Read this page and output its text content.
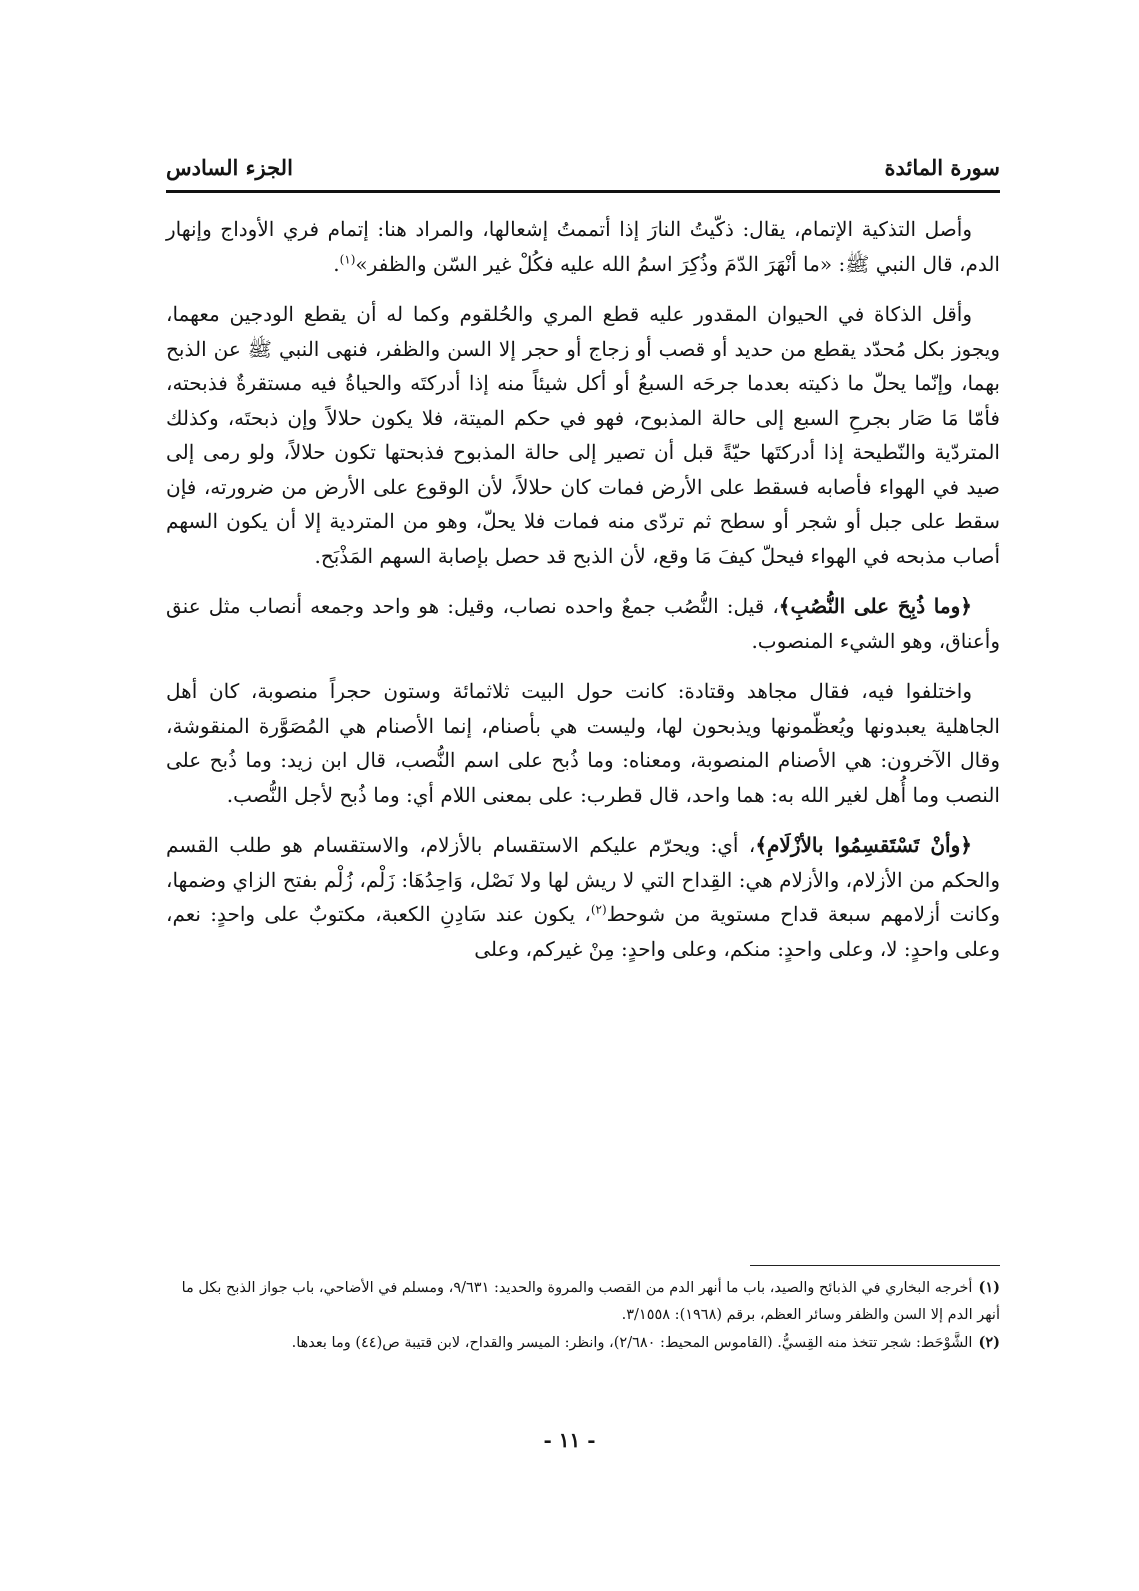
سورة المائدة
الجزء السادس

وأصل التذكية الإتمام، يقال: ذكّيتُ النارَ إذا أتممتُ إشعالها، والمراد هنا: إتمام فري الأوداج وإنهار الدم، قال النبي ﷺ: «ما أنْهَرَ الدّمَ وذُكِرَ اسمُ الله عليه فكُلْ غير السّن والظفر»$^{(١)}$.

وأقل الذكاة في الحيوان المقدور عليه قطع المري والحُلقوم وكما له أن يقطع الودجين معهما، ويجوز بكل مُحدّد يقطع من حديد أو قصب أو زجاج أو حجر إلا السن والظفر، فنهى النبي ﷺ عن الذبح بهما، وإنّما يحلّ ما ذكيته بعدما جرحَه السبعُ أو أكل شيئاً منه إذا أدركتَه والحياةُ فيه مستقرةٌ فذبحته، فأمّا مَا صَار بجرحِ السبع إلى حالة المذبوح، فهو في حكم الميتة، فلا يكون حلالاً وإن ذبحتَه، وكذلك المتردّية والنّطيحة إذا أدركتَها حيّةً قبل أن تصير إلى حالة المذبوح فذبحتها تكون حلالاً، ولو رمى إلى صيد في الهواء فأصابه فسقط على الأرض فمات كان حلالاً، لأن الوقوع على الأرض من ضرورته، فإن سقط على جبل أو شجر أو سطح ثم تردّى منه فمات فلا يحلّ، وهو من المتردية إلا أن يكون السهم أصاب مذبحه في الهواء فيحلّ كيفَ مَا وقع، لأن الذبح قد حصل بإصابة السهم المَذْبَح.

﴿وما ذُبِحَ على النُّصُبِ﴾، قيل: النُّصُب جمعٌ واحده نصاب، وقيل: هو واحد وجمعه أنصاب مثل عنق وأعناق، وهو الشيء المنصوب.

واختلفوا فيه، فقال مجاهد وقتادة: كانت حول البيت ثلاثمائة وستون حجراً منصوبة، كان أهل الجاهلية يعبدونها ويُعظّمونها ويذبحون لها، وليست هي بأصنام، إنما الأصنام هي المُصَوَّرة المنقوشة، وقال الآخرون: هي الأصنام المنصوبة، ومعناه: وما ذُبح على اسم النُّصب، قال ابن زيد: وما ذُبح على النصب وما أُهل لغير الله به: هما واحد، قال قطرب: على بمعنى اللام أي: وما ذُبح لأجل النُّصب.

﴿وأنْ تَسْتَقسِمُوا بالأزْلَامِ﴾، أي: ويحرّم عليكم الاستقسام بالأزلام، والاستقسام هو طلب القسم والحكم من الأزلام، والأزلام هي: القِداح التي لا ريش لها ولا نَصْل، وَاحِدُهَا: زَلْم، زُلْم بفتح الزاي وضمها، وكانت أزلامهم سبعة قداح مستوية من شوحط$^{(٢)}$، يكون عند سَادِنِ الكعبة، مكتوبٌ على واحدٍ: نعم، وعلى واحدٍ: لا، وعلى واحدٍ: منكم، وعلى واحدٍ: مِنْ غيركم، وعلى

(١)أخرجه البخاري في الذبائح والصيد، باب ما أنهر الدم من القصب والمروة والحديد: ٩/٦٣١، ومسلم في الأضاحي، باب جواز الذبح بكل ما أنهر الدم إلا السن والظفر وسائر العظم، برقم (١٩٦٨): ٣/١٥٥٨.

(٢)الشَّوْحَط: شجر تتخذ منه القِسيُّ. (القاموس المحيط: ٢/٦٨٠)، وانظر: الميسر والقداح، لابن قتيبة ص(٤٤) وما بعدها.

- ١١ -
